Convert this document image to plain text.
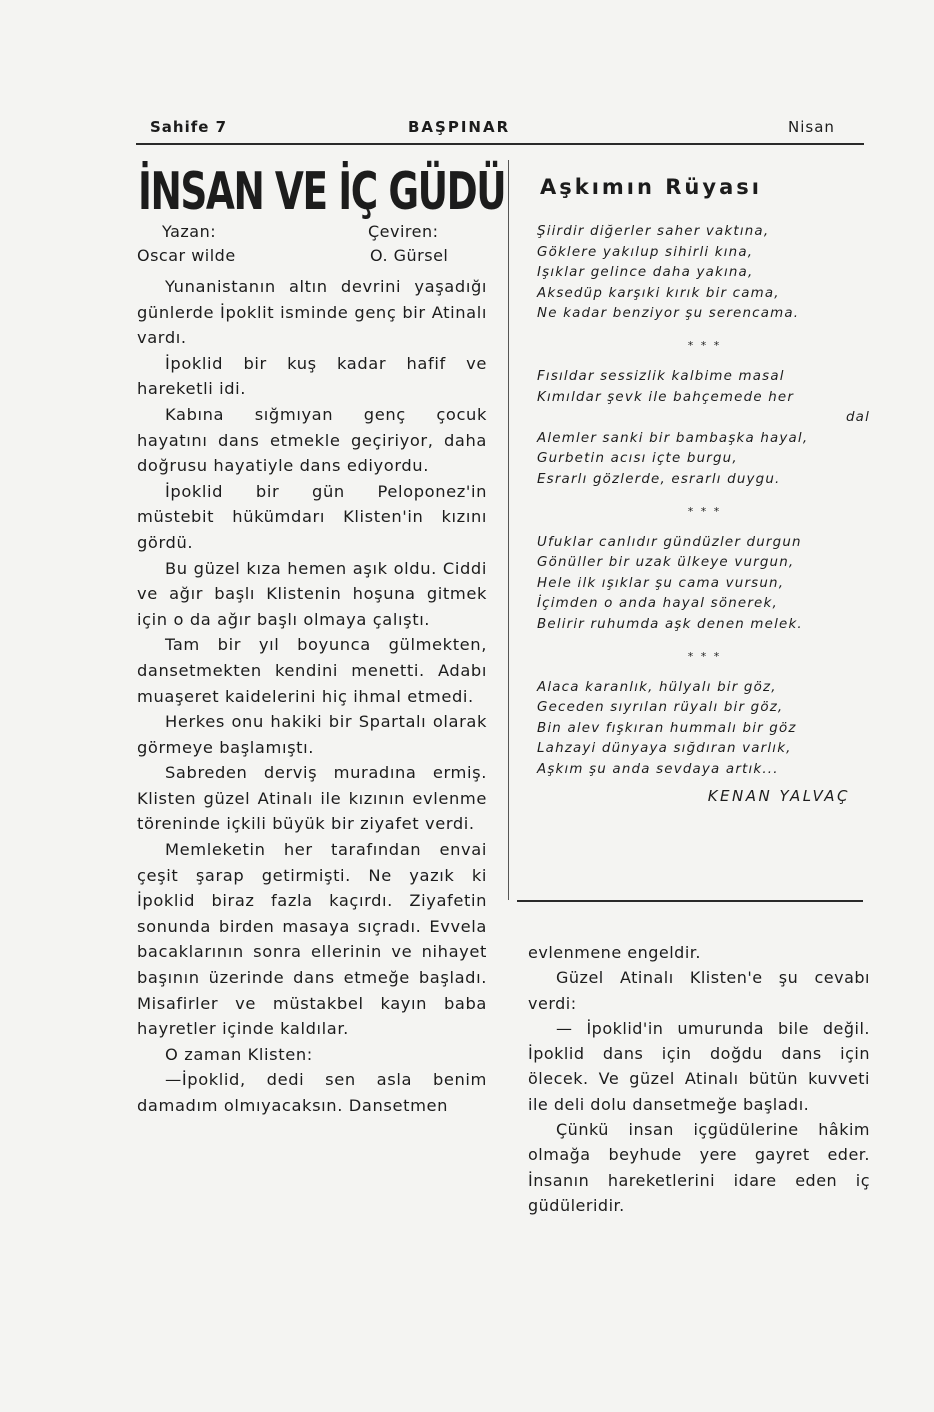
Sahife 7	BAŞPINAR	Nisan
İNSAN VE İÇ GÜDÜ
Yazan:	Çeviren:
Oscar wilde	O. Gürsel

Yunanistanın altın devrini yaşadığı günlerde İpoklit isminde genç bir Atinalı vardı.

İpoklid bir kuş kadar hafif ve hareketli idi.

Kabına sığmıyan genç çocuk hayatını dans etmekle geçiriyor, daha doğrusu hayatiyle dans ediyordu.

İpoklid bir gün Peloponez'in müstebit hükümdarı Klisten'in kızını gördü.

Bu güzel kıza hemen aşık oldu. Ciddi ve ağır başlı Klistenin hoşuna gitmek için o da ağır başlı olmaya çalıştı.

Tam bir yıl boyunca gülmekten, dansetmekten kendini menetti. Adabı muaşeret kaidelerini hiç ihmal etmedi.

Herkes onu hakiki bir Spartalı olarak görmeye başlamıştı.

Sabreden derviş muradına ermiş. Klisten güzel Atinalı ile kızının evlenme töreninde içkili büyük bir ziyafet verdi.

Memleketin her tarafından envai çeşit şarap getirmişti. Ne yazık ki İpoklid biraz fazla kaçırdı. Ziyafetin sonunda birden masaya sıçradı. Evvela bacaklarının sonra ellerinin ve nihayet başının üzerinde dans etmeğe başladı. Misafirler ve müstakbel kayın baba hayretler içinde kaldılar.

O zaman Klisten:

—İpoklid, dedi sen asla benim damadım olmıyacaksın. Dansetmen

Aşkımın Rüyası
Şiirdir diğerler saher vaktına,
Göklere yakılup sihirli kına,
Işıklar gelince daha yakına,
Aksedüp karşıki kırık bir cama,
Ne kadar benziyor şu serencama.
* * *
Fısıldar sessizlik kalbime masal
Kımıldar şevk ile bahçemede her
dal
Alemler sanki bir bambaşka hayal,
Gurbetin acısı içte burgu,
Esrarlı gözlerde, esrarlı duygu.
* * *
Ufuklar canlıdır gündüzler durgun
Gönüller bir uzak ülkeye vurgun,
Hele ilk ışıklar şu cama vursun,
İçimden o anda hayal sönerek,
Belirir ruhumda aşk denen melek.
* * *
Alaca karanlık, hülyalı bir göz,
Geceden sıyrılan rüyalı bir göz,
Bin alev fışkıran hummalı bir göz
Lahzayi dünyaya sığdıran varlık,
Aşkım şu anda sevdaya artık...
KENAN YALVAÇ

evlenmene engeldir.

Güzel Atinalı Klisten'e şu cevabı verdi:

— İpoklid'in umurunda bile değil. İpoklid dans için doğdu dans için ölecek. Ve güzel Atinalı bütün kuvveti ile deli dolu dansetmeğe başladı.

Çünkü insan içgüdülerine hâkim olmağa beyhude yere gayret eder. İnsanın hareketlerini idare eden iç güdüleridir.
